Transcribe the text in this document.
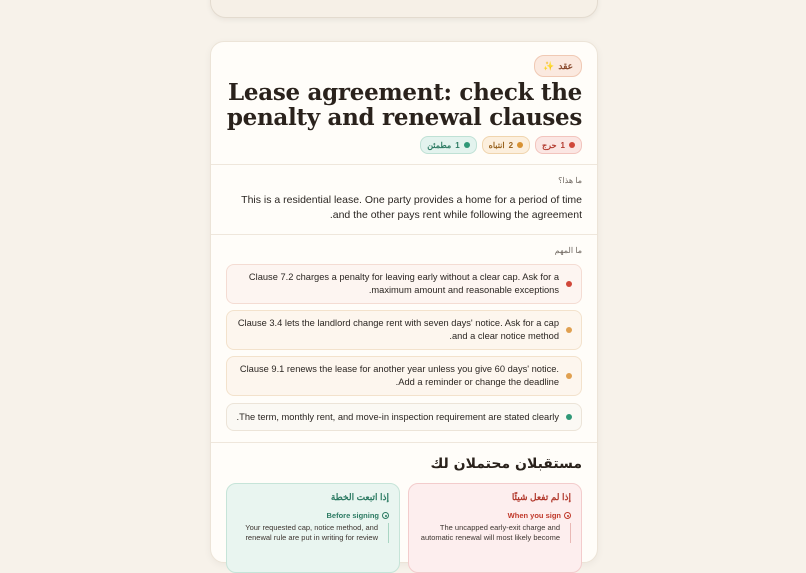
✨ عقد
Lease agreement: check the penalty and renewal clauses
1
حرج
2
انتباه
1
مطمئن
ما هذا؟
This is a residential lease. One party provides a home for a period of time and the other pays rent while following the agreement.
ما المهم
Clause 7.2 charges a penalty for leaving early without a clear cap. Ask for a maximum amount and reasonable exceptions.
Clause 3.4 lets the landlord change rent with seven days' notice. Ask for a cap and a clear notice method.
Clause 9.1 renews the lease for another year unless you give 60 days' notice. Add a reminder or change the deadline.
The term, monthly rent, and move-in inspection requirement are stated clearly.
مستقبلان محتملان لك
إذا لم تفعل شيئًا
When you sign
The uncapped early-exit charge and automatic renewal will most likely become
إذا اتبعت الخطة
Before signing
Your requested cap, notice method, and renewal rule are put in writing for review
